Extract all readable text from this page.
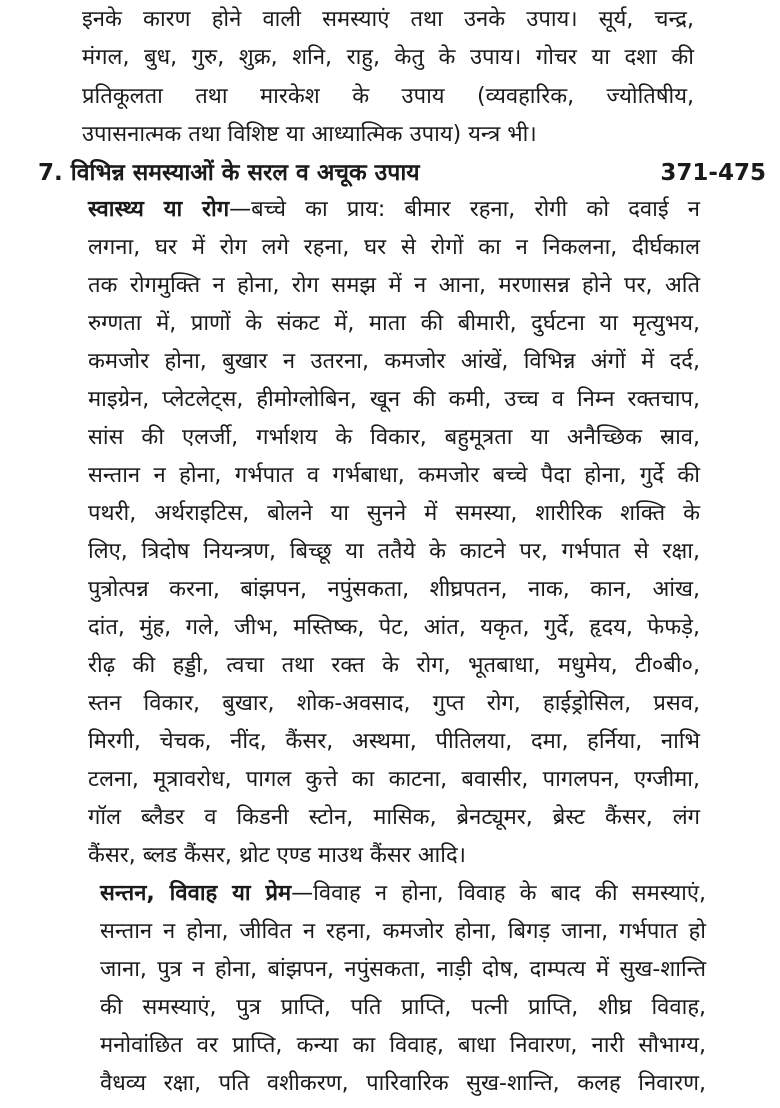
इनके कारण होने वाली समस्याएं तथा उनके उपाय। सूर्य, चन्द्र,
मंगल, बुध, गुरु, शुक्र, शनि, राहु, केतु के उपाय। गोचर या दशा की
प्रतिकूलता तथा मारकेश के उपाय (व्यवहारिक, ज्योतिषीय,
उपासनात्मक तथा विशिष्ट या आध्यात्मिक उपाय) यन्त्र भी।
7. विभिन्न समस्याओं के सरल व अचूक उपाय	371-475
स्वास्थ्य या रोग—बच्चे का प्राय: बीमार रहना, रोगी को दवाई न
लगना, घर में रोग लगे रहना, घर से रोगों का न निकलना, दीर्घकाल
तक रोगमुक्ति न होना, रोग समझ में न आना, मरणासन्न होने पर, अति
रुग्णता में, प्राणों के संकट में, माता की बीमारी, दुर्घटना या मृत्युभय,
कमजोर होना, बुखार न उतरना, कमजोर आंखें, विभिन्न अंगों में दर्द,
माइग्रेन, प्लेटलेट्स, हीमोग्लोबिन, खून की कमी, उच्च व निम्न रक्तचाप,
सांस की एलर्जी, गर्भाशय के विकार, बहुमूत्रता या अनैच्छिक स्राव,
सन्तान न होना, गर्भपात व गर्भबाधा, कमजोर बच्चे पैदा होना, गुर्दे की
पथरी, अर्थराइटिस, बोलने या सुनने में समस्या, शारीरिक शक्ति के
लिए, त्रिदोष नियन्त्रण, बिच्छू या ततैये के काटने पर, गर्भपात से रक्षा,
पुत्रोत्पन्न करना, बांझपन, नपुंसकता, शीघ्रपतन, नाक, कान, आंख,
दांत, मुंह, गले, जीभ, मस्तिष्क, पेट, आंत, यकृत, गुर्दे, हृदय, फेफड़े,
रीढ़ की हड्डी, त्वचा तथा रक्त के रोग, भूतबाधा, मधुमेय, टी०बी०,
स्तन विकार, बुखार, शोक-अवसाद, गुप्त रोग, हाईड्रोसिल, प्रसव,
मिरगी, चेचक, नींद, कैंसर, अस्थमा, पीतिलया, दमा, हर्निया, नाभि
टलना, मूत्रावरोध, पागल कुत्ते का काटना, बवासीर, पागलपन, एग्जीमा,
गॉल ब्लैडर व किडनी स्टोन, मासिक, ब्रेनट्यूमर, ब्रेस्ट कैंसर, लंग
कैंसर, ब्लड कैंसर, थ्रोट एण्ड माउथ कैंसर आदि।
सन्तन, विवाह या प्रेम—विवाह न होना, विवाह के बाद की समस्याएं,
सन्तान न होना, जीवित न रहना, कमजोर होना, बिगड़ जाना, गर्भपात हो
जाना, पुत्र न होना, बांझपन, नपुंसकता, नाड़ी दोष, दाम्पत्य में सुख-शान्ति
की समस्याएं, पुत्र प्राप्ति, पति प्राप्ति, पत्नी प्राप्ति, शीघ्र विवाह,
मनोवांछित वर प्राप्ति, कन्या का विवाह, बाधा निवारण, नारी सौभाग्य,
वैधव्य रक्षा, पति वशीकरण, पारिवारिक सुख-शान्ति, कलह निवारण,
